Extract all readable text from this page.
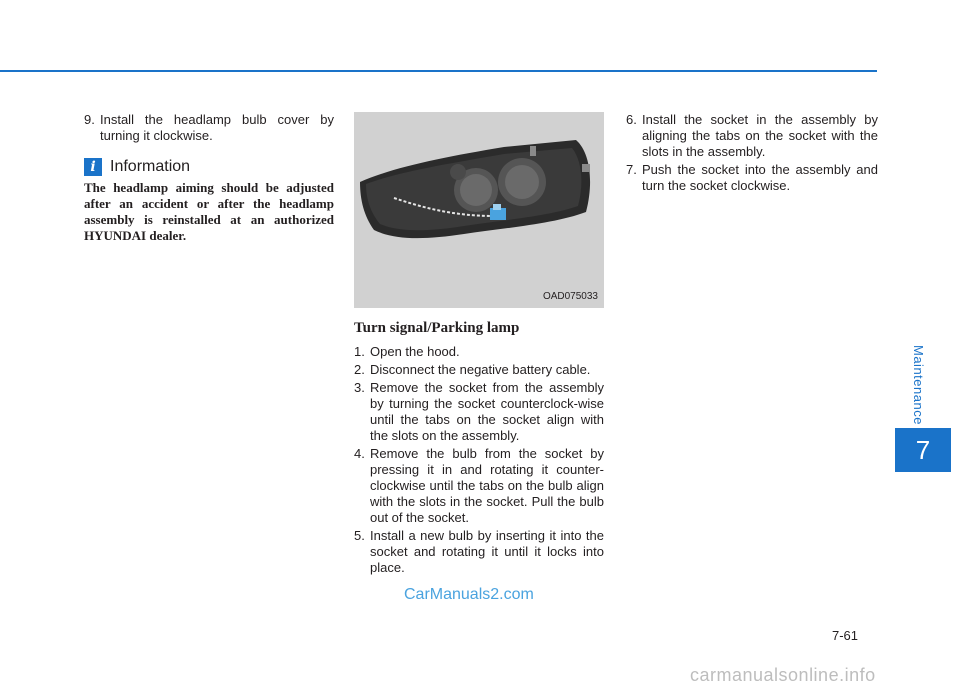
Maintenance
7
9. Install the headlamp bulb cover by turning it clockwise.
i Information
The headlamp aiming should be adjusted after an accident or after the headlamp assembly is reinstalled at an authorized HYUNDAI dealer.
OAD075033
Turn signal/Parking lamp
1. Open the hood.
2. Disconnect the negative battery cable.
3. Remove the socket from the assembly by turning the socket counterclock-wise until the tabs on the socket align with the slots on the assembly.
4. Remove the bulb from the socket by pressing it in and rotating it counter-clockwise until the tabs on the bulb align with the slots in the socket. Pull the bulb out of the socket.
5. Install a new bulb by inserting it into the socket and rotating it until it locks into place.
6. Install the socket in the assembly by aligning the tabs on the socket with the slots in the assembly.
7. Push the socket into the assembly and turn the socket clockwise.
CarManuals2.com
7-61
carmanualsonline.info
